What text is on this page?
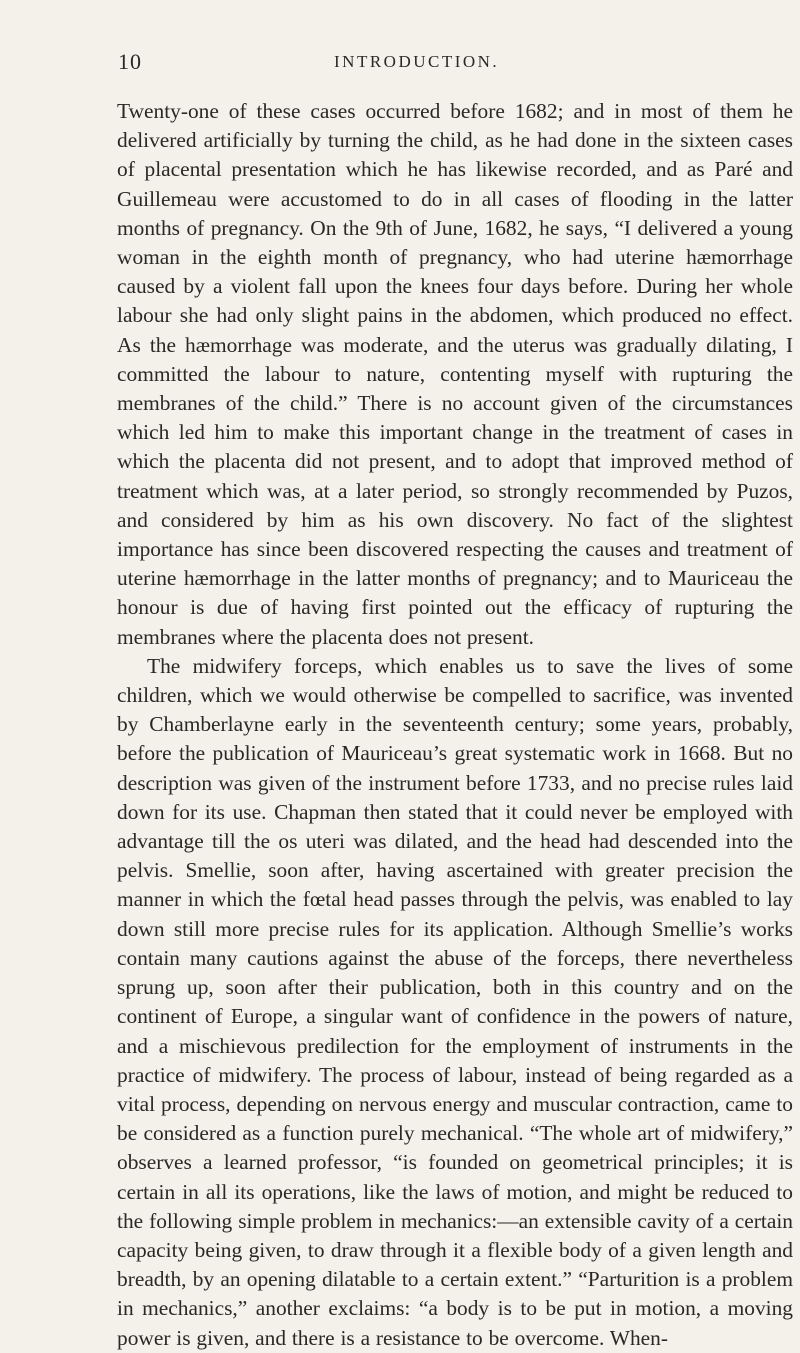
10	INTRODUCTION.

Twenty-one of these cases occurred before 1682; and in most of them he delivered artificially by turning the child, as he had done in the sixteen cases of placental presentation which he has likewise recorded, and as Paré and Guillemeau were accustomed to do in all cases of flooding in the latter months of pregnancy. On the 9th of June, 1682, he says, “I delivered a young woman in the eighth month of pregnancy, who had uterine hæmorrhage caused by a violent fall upon the knees four days before. During her whole labour she had only slight pains in the abdomen, which produced no effect. As the hæmorrhage was moderate, and the uterus was gradually dilating, I committed the labour to nature, contenting myself with rupturing the membranes of the child.” There is no account given of the circumstances which led him to make this important change in the treatment of cases in which the placenta did not present, and to adopt that improved method of treatment which was, at a later period, so strongly recommended by Puzos, and considered by him as his own discovery. No fact of the slightest importance has since been discovered respecting the causes and treatment of uterine hæmorrhage in the latter months of pregnancy; and to Mauriceau the honour is due of having first pointed out the efficacy of rupturing the membranes where the placenta does not present.

The midwifery forceps, which enables us to save the lives of some children, which we would otherwise be compelled to sacrifice, was invented by Chamberlayne early in the seventeenth century; some years, probably, before the publication of Mauriceau’s great systematic work in 1668. But no description was given of the instrument before 1733, and no precise rules laid down for its use. Chapman then stated that it could never be employed with advantage till the os uteri was dilated, and the head had descended into the pelvis. Smellie, soon after, having ascertained with greater precision the manner in which the fœtal head passes through the pelvis, was enabled to lay down still more precise rules for its application. Although Smellie’s works contain many cautions against the abuse of the forceps, there nevertheless sprung up, soon after their publication, both in this country and on the continent of Europe, a singular want of confidence in the powers of nature, and a mischievous predilection for the employment of instruments in the practice of midwifery. The process of labour, instead of being regarded as a vital process, depending on nervous energy and muscular contraction, came to be considered as a function purely mechanical. “The whole art of midwifery,” observes a learned professor, “is founded on geometrical principles; it is certain in all its operations, like the laws of motion, and might be reduced to the following simple problem in mechanics:—an extensible cavity of a certain capacity being given, to draw through it a flexible body of a given length and breadth, by an opening dilatable to a certain extent.” “Parturition is a problem in mechanics,” another exclaims: “a body is to be put in motion, a moving power is given, and there is a resistance to be overcome. When-
